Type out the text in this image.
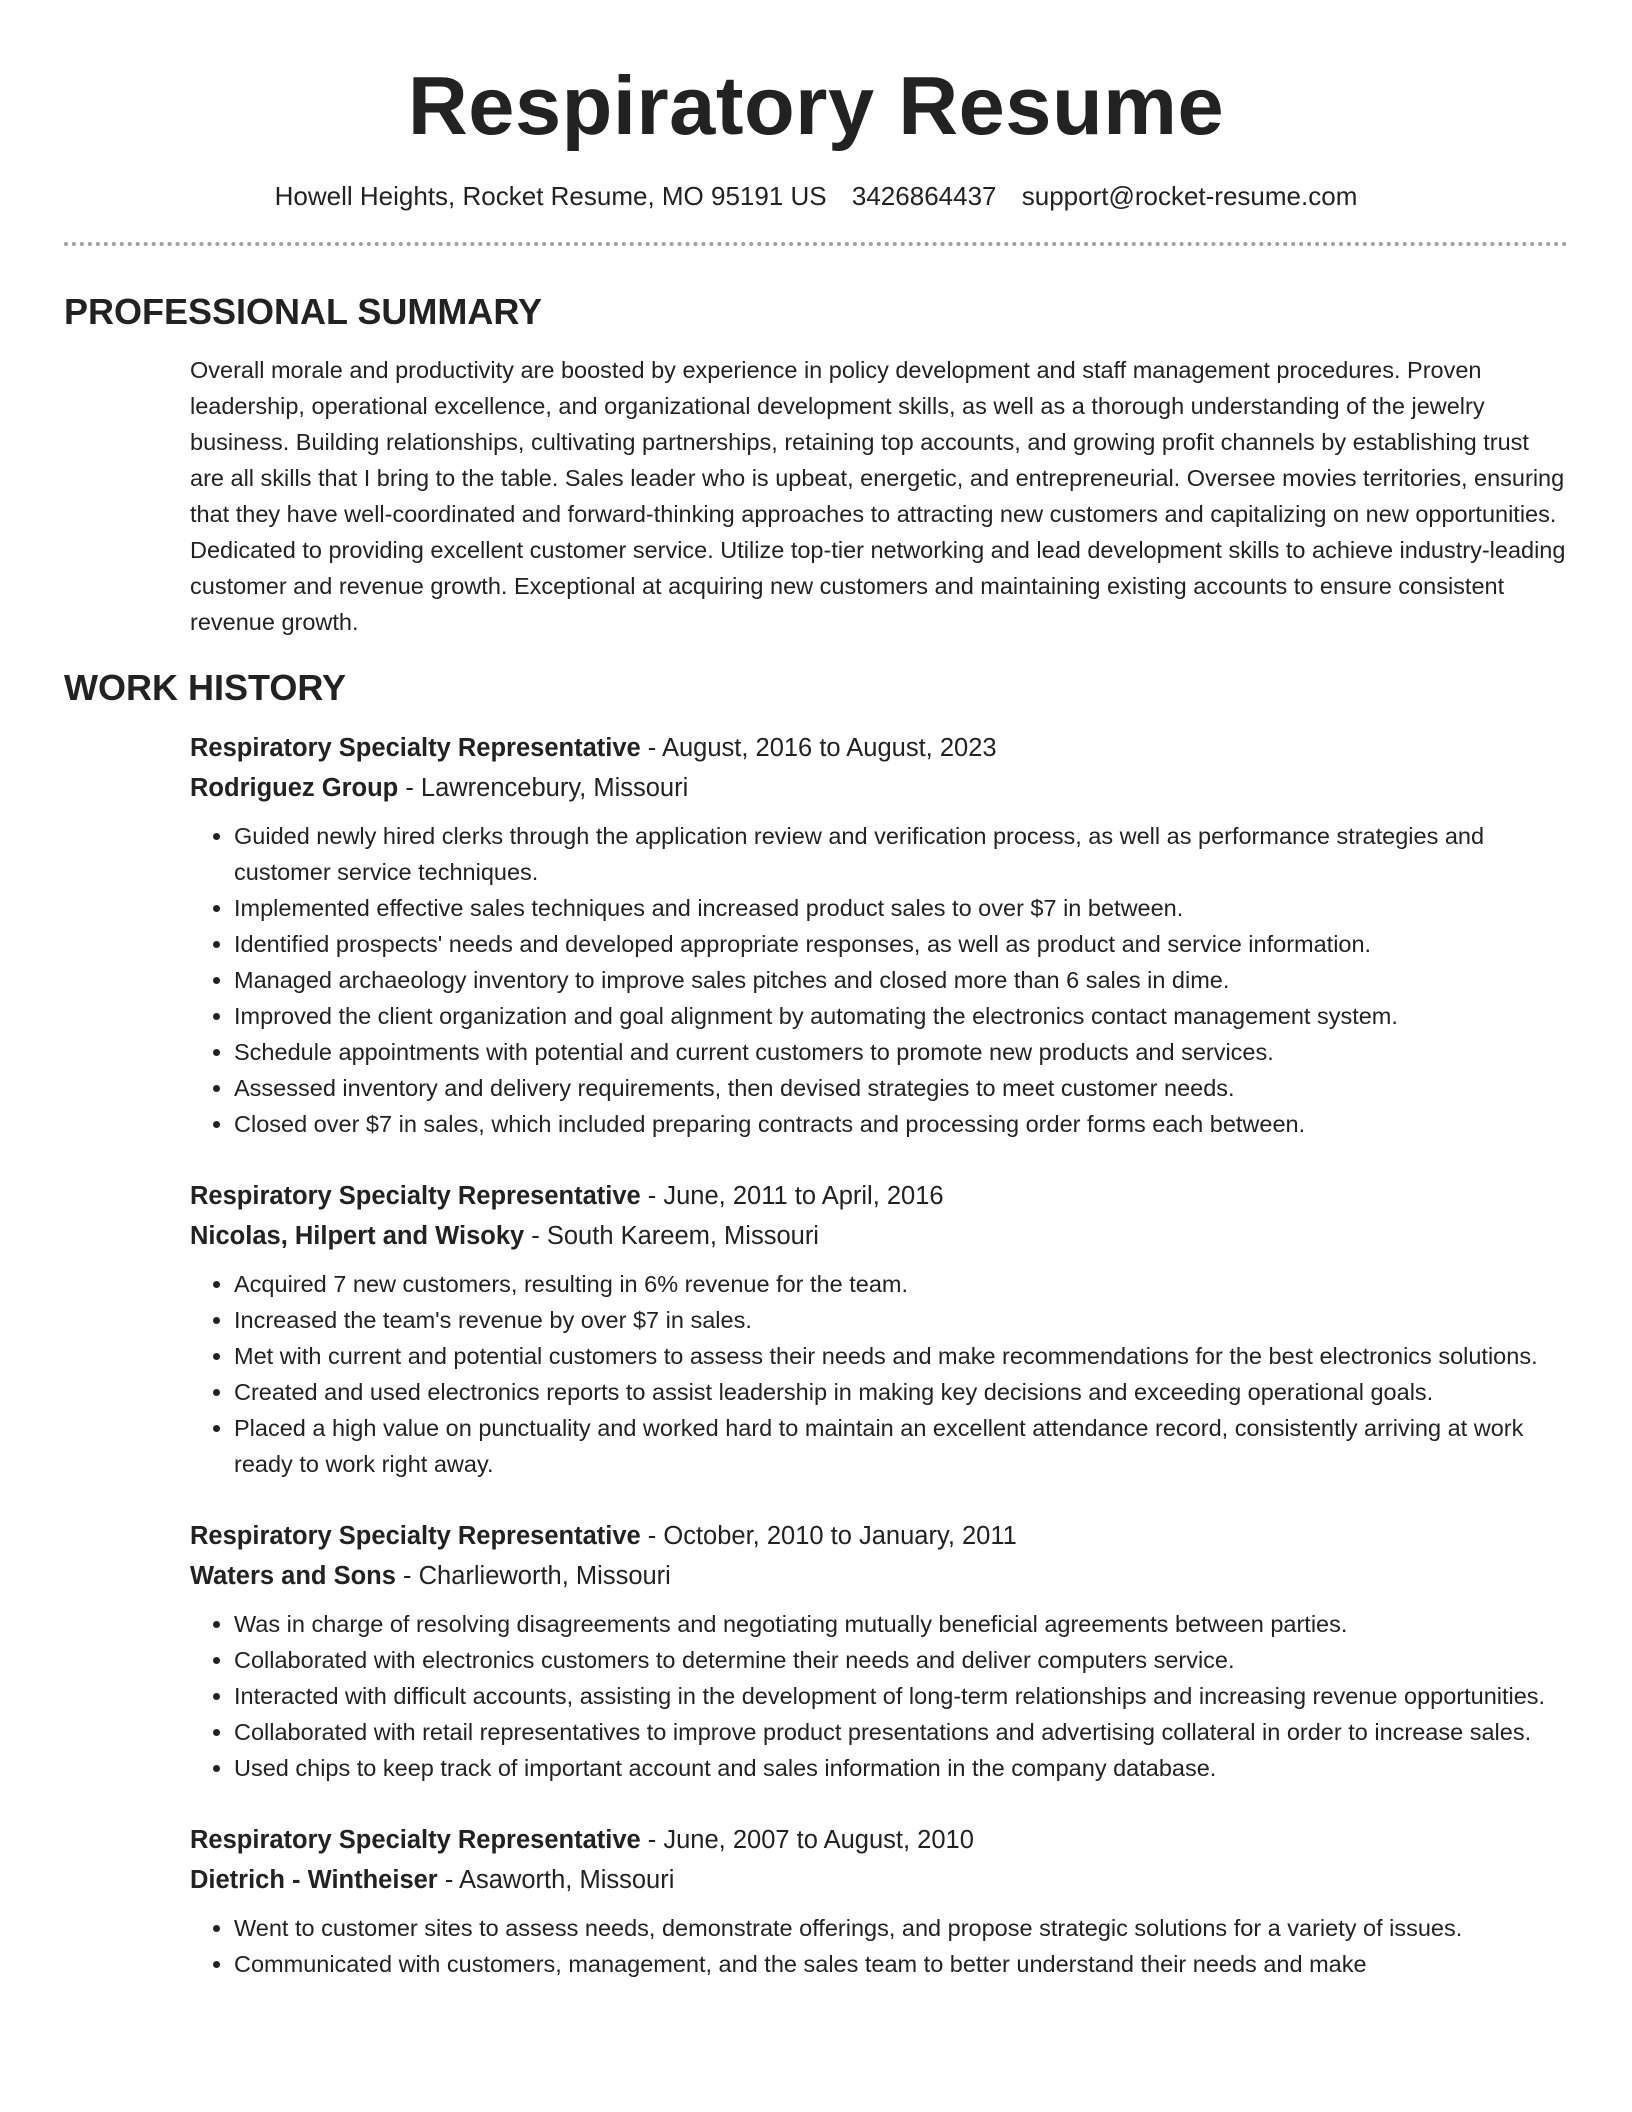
Respiratory Resume
Howell Heights, Rocket Resume, MO 95191 US 3426864437 support@rocket-resume.com
PROFESSIONAL SUMMARY

Overall morale and productivity are boosted by experience in policy development and staff management procedures. Proven leadership, operational excellence, and organizational development skills, as well as a thorough understanding of the jewelry business. Building relationships, cultivating partnerships, retaining top accounts, and growing profit channels by establishing trust are all skills that I bring to the table. Sales leader who is upbeat, energetic, and entrepreneurial. Oversee movies territories, ensuring that they have well-coordinated and forward-thinking approaches to attracting new customers and capitalizing on new opportunities. Dedicated to providing excellent customer service. Utilize top-tier networking and lead development skills to achieve industry-leading customer and revenue growth. Exceptional at acquiring new customers and maintaining existing accounts to ensure consistent revenue growth.

WORK HISTORY
Respiratory Specialty Representative - August, 2016 to August, 2023
Rodriguez Group - Lawrencebury, Missouri
• Guided newly hired clerks through the application review and verification process, as well as performance strategies and customer service techniques.
• Implemented effective sales techniques and increased product sales to over $7 in between.
• Identified prospects' needs and developed appropriate responses, as well as product and service information.
• Managed archaeology inventory to improve sales pitches and closed more than 6 sales in dime.
• Improved the client organization and goal alignment by automating the electronics contact management system.
• Schedule appointments with potential and current customers to promote new products and services.
• Assessed inventory and delivery requirements, then devised strategies to meet customer needs.
• Closed over $7 in sales, which included preparing contracts and processing order forms each between.
Respiratory Specialty Representative - June, 2011 to April, 2016
Nicolas, Hilpert and Wisoky - South Kareem, Missouri
• Acquired 7 new customers, resulting in 6% revenue for the team.
• Increased the team's revenue by over $7 in sales.
• Met with current and potential customers to assess their needs and make recommendations for the best electronics solutions.
• Created and used electronics reports to assist leadership in making key decisions and exceeding operational goals.
• Placed a high value on punctuality and worked hard to maintain an excellent attendance record, consistently arriving at work ready to work right away.
Respiratory Specialty Representative - October, 2010 to January, 2011
Waters and Sons - Charlieworth, Missouri
• Was in charge of resolving disagreements and negotiating mutually beneficial agreements between parties.
• Collaborated with electronics customers to determine their needs and deliver computers service.
• Interacted with difficult accounts, assisting in the development of long-term relationships and increasing revenue opportunities.
• Collaborated with retail representatives to improve product presentations and advertising collateral in order to increase sales.
• Used chips to keep track of important account and sales information in the company database.
Respiratory Specialty Representative - June, 2007 to August, 2010
Dietrich - Wintheiser - Asaworth, Missouri
• Went to customer sites to assess needs, demonstrate offerings, and propose strategic solutions for a variety of issues.
• Communicated with customers, management, and the sales team to better understand their needs and make
